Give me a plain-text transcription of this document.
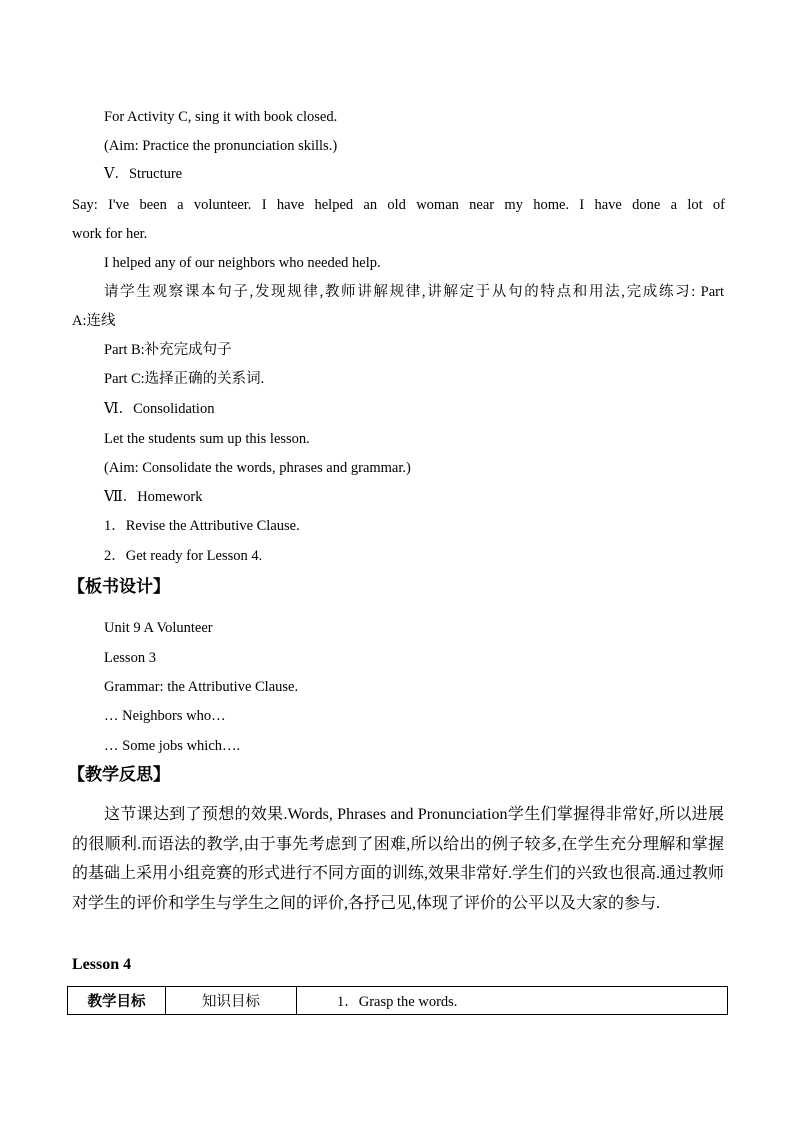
For Activity C, sing it with book closed.
(Aim: Practice the pronunciation skills.)
Ⅴ．Structure
Say: I've been a volunteer. I have helped an old woman near my home. I have done a lot of
work for her.
I helped any of our neighbors who needed help.
请学生观察课本句子,发现规律,教师讲解规律,讲解定于从句的特点和用法,完成练习: Part
A:连线
Part B:补充完成句子
Part C:选择正确的关系词.
Ⅵ．Consolidation
Let the students sum up this lesson.
(Aim: Consolidate the words, phrases and grammar.)
Ⅶ．Homework
1．Revise the Attributive Clause.
2．Get ready for Lesson 4.
【板书设计】
Unit 9 A Volunteer
Lesson 3
Grammar: the Attributive Clause.
… Neighbors who…
… Some jobs which….
【教学反思】
这节课达到了预想的效果.Words, Phrases and Pronunciation学生们掌握得非常好,所以进展的很顺利.而语法的教学,由于事先考虑到了困难,所以给出的例子较多,在学生充分理解和掌握的基础上采用小组竞赛的形式进行不同方面的训练,效果非常好.学生们的兴致也很高.通过教师对学生的评价和学生与学生之间的评价,各抒己见,体现了评价的公平以及大家的参与.
Lesson 4
教学目标	知识目标	1．Grasp the words.
